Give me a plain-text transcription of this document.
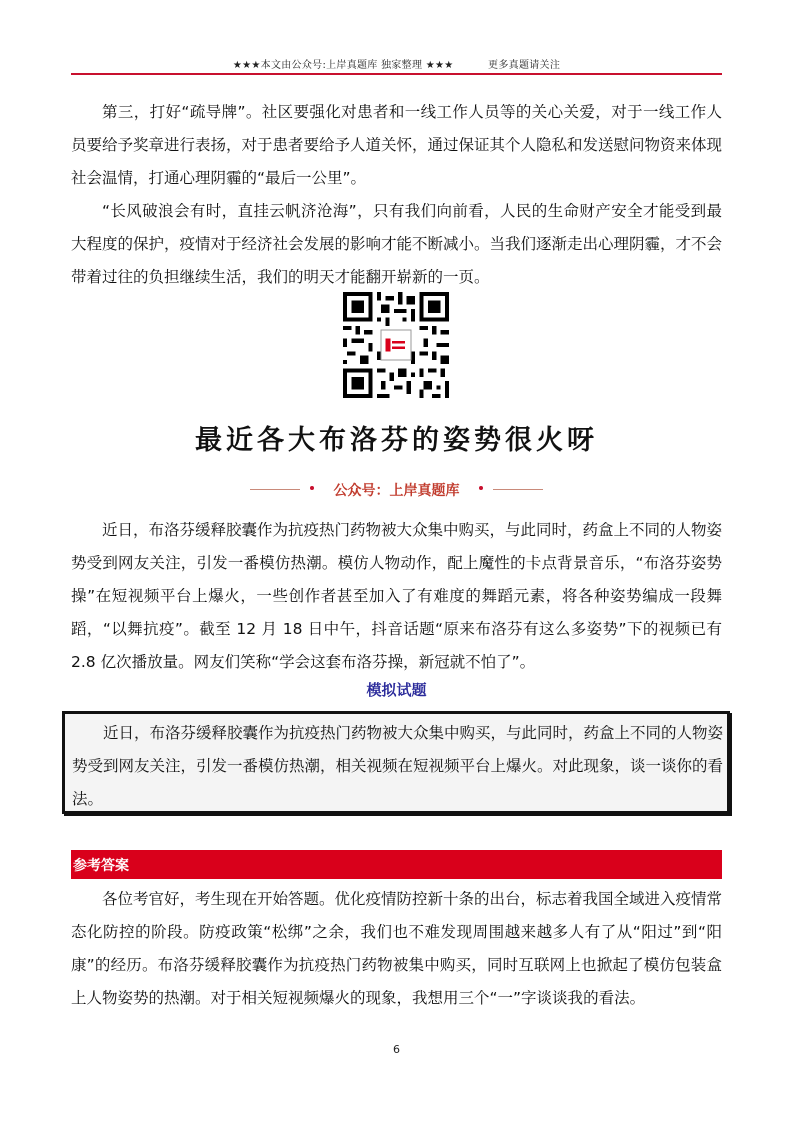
★★★本文由公众号:上岸真题库 独家整理 ★★★	更多真题请关注

第三，打好“疏导牌”。社区要强化对患者和一线工作人员等的关心关爱，对于一线工作人员要给予奖章进行表扬，对于患者要给予人道关怀，通过保证其个人隐私和发送慰问物资来体现社会温情，打通心理阴霾的“最后一公里”。

“长风破浪会有时，直挂云帆济沧海”，只有我们向前看，人民的生命财产安全才能受到最大程度的保护，疫情对于经济社会发展的影响才能不断减小。当我们逐渐走出心理阴霾，才不会带着过往的负担继续生活，我们的明天才能翻开崭新的一页。

最近各大布洛芬的姿势很火呀
公众号：上岸真题库

近日，布洛芬缓释胶囊作为抗疫热门药物被大众集中购买，与此同时，药盒上不同的人物姿势受到网友关注，引发一番模仿热潮。模仿人物动作，配上魔性的卡点背景音乐，“布洛芬姿势操”在短视频平台上爆火，一些创作者甚至加入了有难度的舞蹈元素，将各种姿势编成一段舞蹈，“以舞抗疫”。截至 12 月 18 日中午，抖音话题“原来布洛芬有这么多姿势”下的视频已有 2.8 亿次播放量。网友们笑称“学会这套布洛芬操，新冠就不怕了”。

模拟试题

近日，布洛芬缓释胶囊作为抗疫热门药物被大众集中购买，与此同时，药盒上不同的人物姿势受到网友关注，引发一番模仿热潮，相关视频在短视频平台上爆火。对此现象，谈一谈你的看法。

参考答案

各位考官好，考生现在开始答题。优化疫情防控新十条的出台，标志着我国全域进入疫情常态化防控的阶段。防疫政策“松绑”之余，我们也不难发现周围越来越多人有了从“阳过”到“阳康”的经历。布洛芬缓释胶囊作为抗疫热门药物被集中购买，同时互联网上也掀起了模仿包装盒上人物姿势的热潮。对于相关短视频爆火的现象，我想用三个“一”字谈谈我的看法。

6
